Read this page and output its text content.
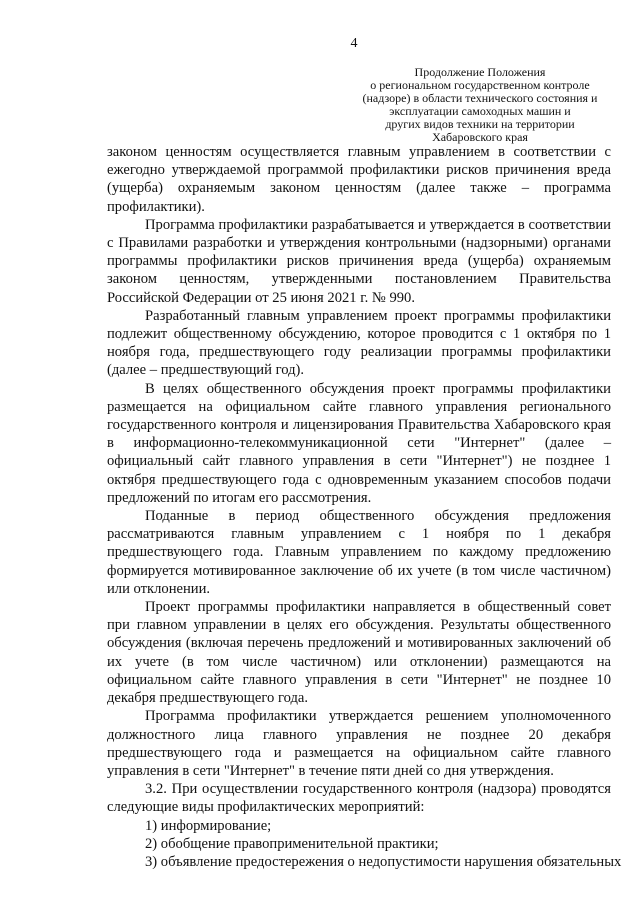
4
Продолжение Положения
о региональном государственном контроле
(надзоре) в области технического состояния и
эксплуатации самоходных машин и
других видов техники на территории
Хабаровского края

законом ценностям осуществляется главным управлением в соответствии с ежегодно утверждаемой программой профилактики рисков причинения вреда (ущерба) охраняемым законом ценностям (далее также – программа профилактики).

Программа профилактики разрабатывается и утверждается в соответствии с Правилами разработки и утверждения контрольными (надзорными) органами программы профилактики рисков причинения вреда (ущерба) охраняемым законом ценностям, утвержденными постановлением Правительства Российской Федерации от 25 июня 2021 г. № 990.

Разработанный главным управлением проект программы профилактики подлежит общественному обсуждению, которое проводится с 1 октября по 1 ноября года, предшествующего году реализации программы профилактики (далее – предшествующий год).

В целях общественного обсуждения проект программы профилактики размещается на официальном сайте главного управления регионального государственного контроля и лицензирования Правительства Хабаровского края в информационно-телекоммуникационной сети "Интернет" (далее – официальный сайт главного управления в сети "Интернет") не позднее 1 октября предшествующего года с одновременным указанием способов подачи предложений по итогам его рассмотрения.

Поданные в период общественного обсуждения предложения рассматриваются главным управлением с 1 ноября по 1 декабря предшествующего года. Главным управлением по каждому предложению формируется мотивированное заключение об их учете (в том числе частичном) или отклонении.

Проект программы профилактики направляется в общественный совет при главном управлении в целях его обсуждения. Результаты общественного обсуждения (включая перечень предложений и мотивированных заключений об их учете (в том числе частичном) или отклонении) размещаются на официальном сайте главного управления в сети "Интернет" не позднее 10 декабря предшествующего года.

Программа профилактики утверждается решением уполномоченного должностного лица главного управления не позднее 20 декабря предшествующего года и размещается на официальном сайте главного управления в сети "Интернет" в течение пяти дней со дня утверждения.

3.2. При осуществлении государственного контроля (надзора) проводятся следующие виды профилактических мероприятий:

1) информирование;

2) обобщение правоприменительной практики;

3) объявление предостережения о недопустимости нарушения обязательных
